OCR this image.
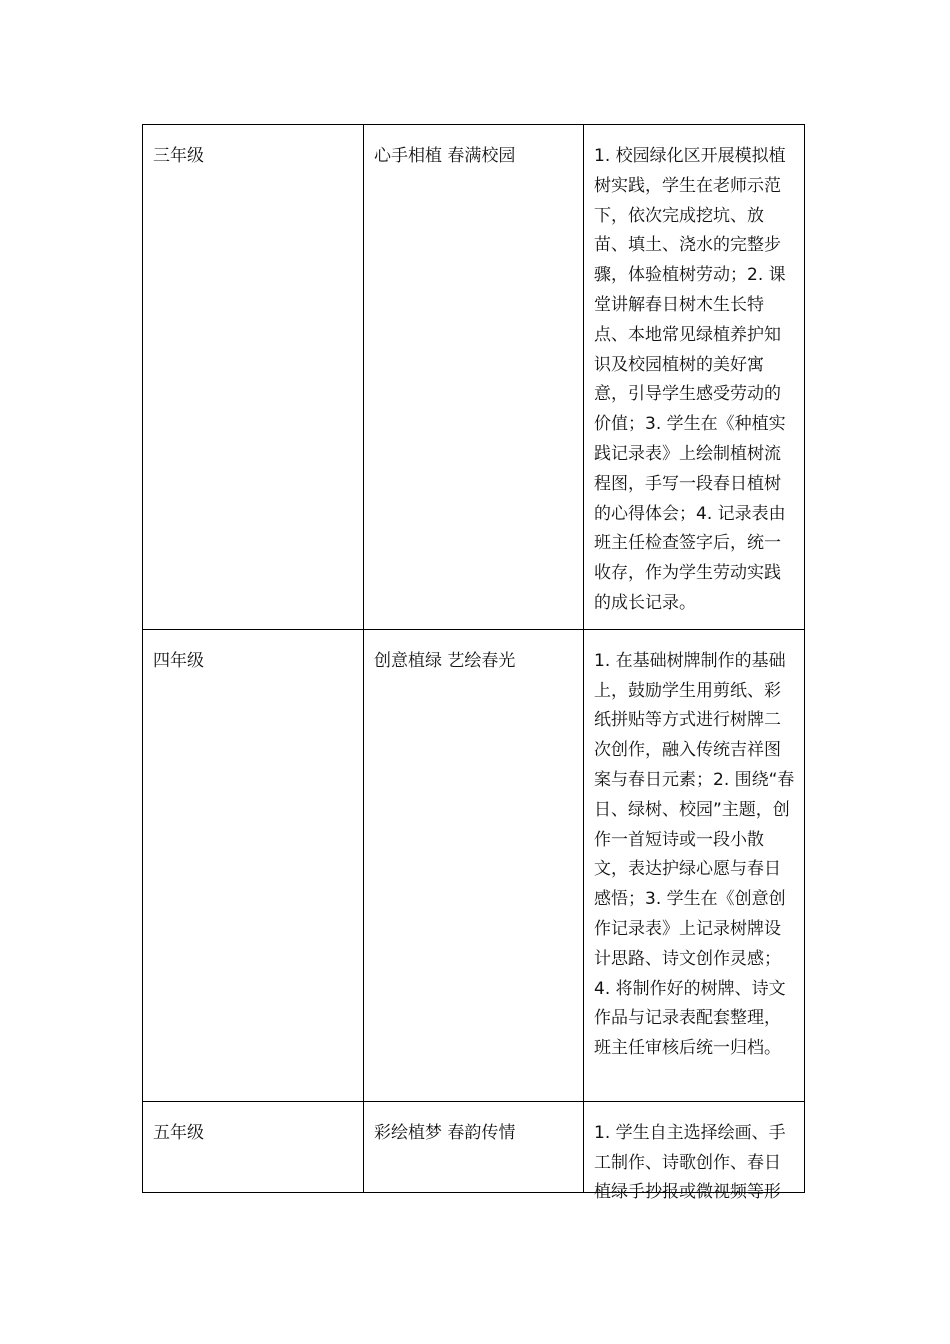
三年级	心手相植 春满校园	1. 校园绿化区开展模拟植树实践，学生在老师示范下，依次完成挖坑、放苗、填土、浇水的完整步骤，体验植树劳动；2. 课堂讲解春日树木生长特点、本地常见绿植养护知识及校园植树的美好寓意，引导学生感受劳动的价值；3. 学生在《种植实践记录表》上绘制植树流程图，手写一段春日植树的心得体会；4. 记录表由班主任检查签字后，统一收存，作为学生劳动实践的成长记录。

四年级	创意植绿 艺绘春光	1. 在基础树牌制作的基础上，鼓励学生用剪纸、彩纸拼贴等方式进行树牌二次创作，融入传统吉祥图案与春日元素；2. 围绕“春日、绿树、校园”主题，创作一首短诗或一段小散文，表达护绿心愿与春日感悟；3. 学生在《创意创作记录表》上记录树牌设计思路、诗文创作灵感；4. 将制作好的树牌、诗文作品与记录表配套整理，班主任审核后统一归档。

五年级	彩绘植梦 春韵传情	1. 学生自主选择绘画、手工制作、诗歌创作、春日植绿手抄报或微视频等形
